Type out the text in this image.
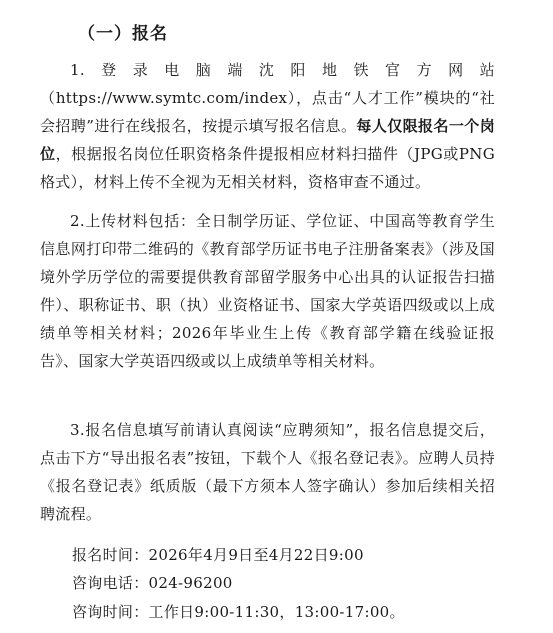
（一）报名

1.登录电脑端沈阳地铁官方网站（https://www.symtc.com/index），点击“人才工作”模块的“社会招聘”进行在线报名，按提示填写报名信息。每人仅限报名一个岗位，根据报名岗位任职资格条件提报相应材料扫描件（JPG或PNG格式），材料上传不全视为无相关材料，资格审查不通过。

2.上传材料包括：全日制学历证、学位证、中国高等教育学生信息网打印带二维码的《教育部学历证书电子注册备案表》（涉及国境外学历学位的需要提供教育部留学服务中心出具的认证报告扫描件）、职称证书、职（执）业资格证书、国家大学英语四级或以上成绩单等相关材料；2026年毕业生上传《教育部学籍在线验证报告》、国家大学英语四级或以上成绩单等相关材料。

3.报名信息填写前请认真阅读“应聘须知”，报名信息提交后，点击下方“导出报名表”按钮，下载个人《报名登记表》。应聘人员持《报名登记表》纸质版（最下方须本人签字确认）参加后续相关招聘流程。

报名时间：2026年4月9日至4月22日9:00
咨询电话：024-96200
咨询时间：工作日9:00-11:30，13:00-17:00。
